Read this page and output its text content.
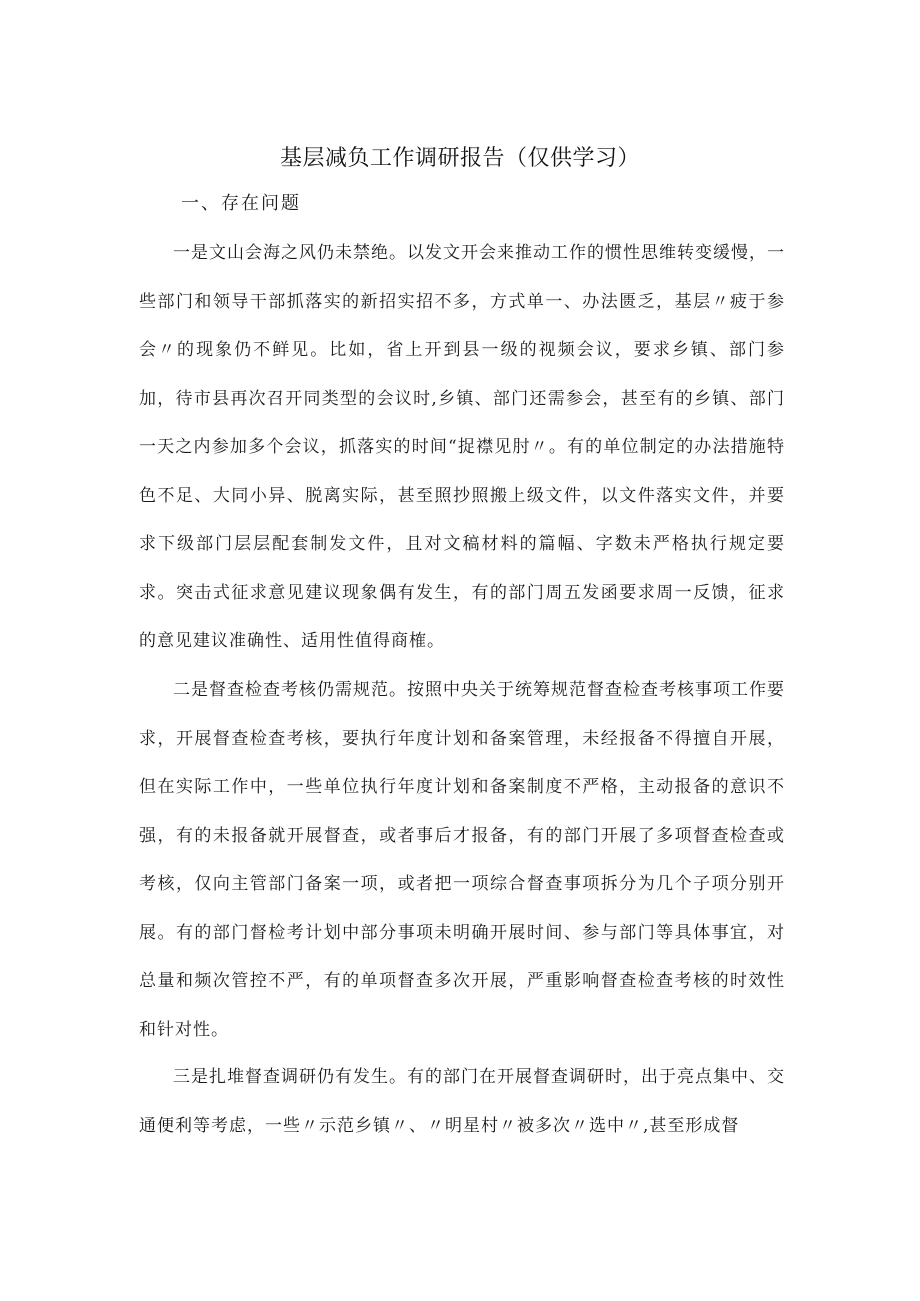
基层减负工作调研报告（仅供学习）
一、存在问题

一是文山会海之风仍未禁绝。以发文开会来推动工作的惯性思维转变缓慢，一些部门和领导干部抓落实的新招实招不多，方式单一、办法匮乏，基层〃疲于参会〃的现象仍不鲜见。比如，省上开到县一级的视频会议，要求乡镇、部门参加，待市县再次召开同类型的会议时,乡镇、部门还需参会，甚至有的乡镇、部门一天之内参加多个会议，抓落实的时间“捉襟见肘〃。有的单位制定的办法措施特色不足、大同小异、脱离实际，甚至照抄照搬上级文件，以文件落实文件，并要求下级部门层层配套制发文件，且对文稿材料的篇幅、字数未严格执行规定要求。突击式征求意见建议现象偶有发生，有的部门周五发函要求周一反馈，征求的意见建议准确性、适用性值得商榷。

二是督查检查考核仍需规范。按照中央关于统筹规范督查检查考核事项工作要求，开展督查检查考核，要执行年度计划和备案管理，未经报备不得擅自开展，但在实际工作中，一些单位执行年度计划和备案制度不严格，主动报备的意识不强，有的未报备就开展督查，或者事后才报备，有的部门开展了多项督查检查或考核，仅向主管部门备案一项，或者把一项综合督查事项拆分为几个子项分别开展。有的部门督检考计划中部分事项未明确开展时间、参与部门等具体事宜，对总量和频次管控不严，有的单项督查多次开展，严重影响督查检查考核的时效性和针对性。

三是扎堆督查调研仍有发生。有的部门在开展督查调研时，出于亮点集中、交通便利等考虑，一些〃示范乡镇〃、〃明星村〃被多次〃选中〃,甚至形成督
